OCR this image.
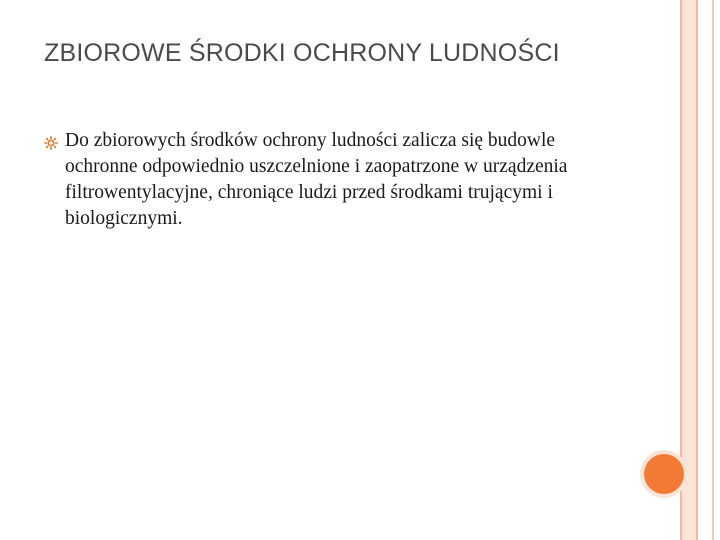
ZBIOROWE ŚRODKI OCHRONY LUDNOŚCI
Do zbiorowych środków ochrony ludności zalicza się budowle ochronne odpowiednio uszczelnione i zaopatrzone w urządzenia filtrowentylacyjne, chroniące ludzi przed środkami trującymi i biologicznymi.
